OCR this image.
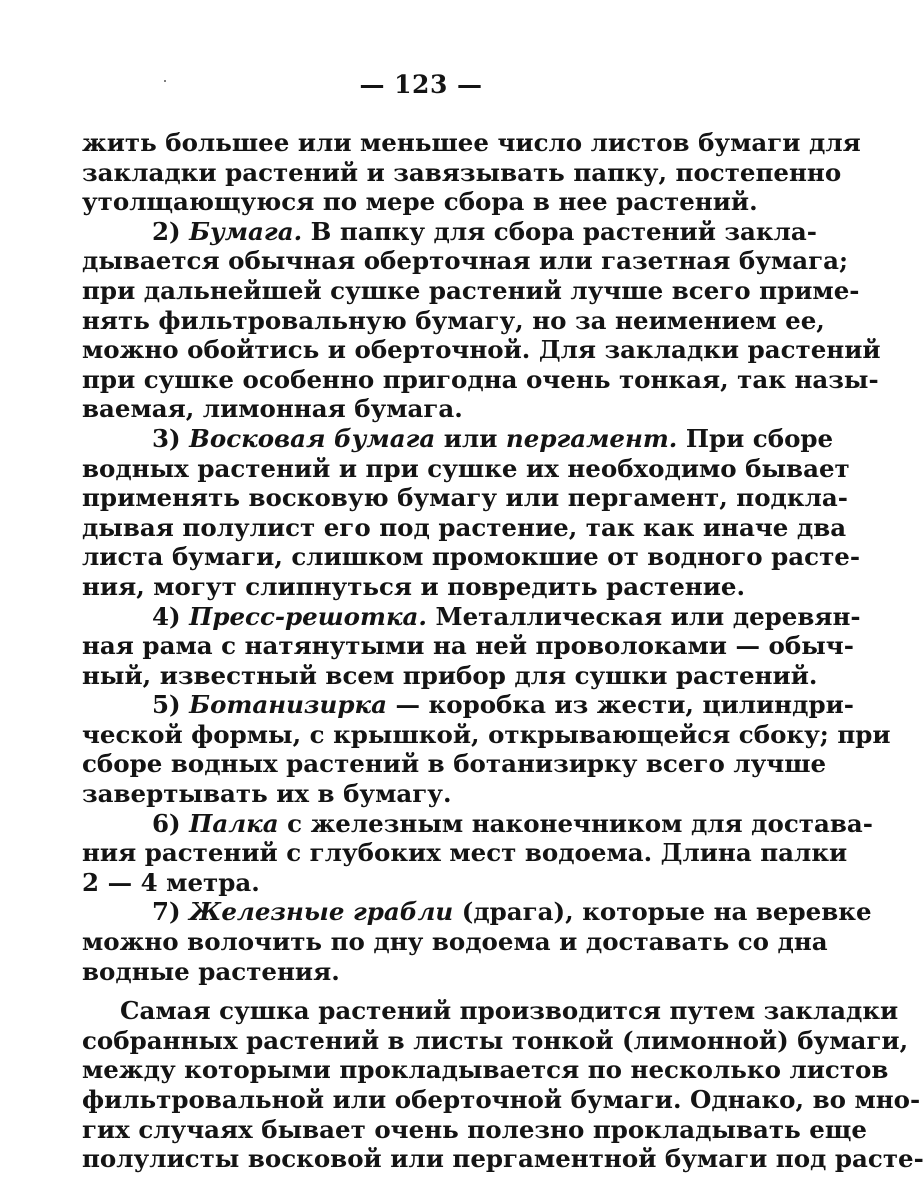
— 123 —
жить большее или меньшее число листов бумаги для
закладки растений и завязывать папку, постепенно
утолщающуюся по мере сбора в нее растений.
2) Бумага. В папку для сбора растений закла-
дывается обычная оберточная или газетная бумага;
при дальнейшей сушке растений лучше всего приме-
нять фильтровальную бумагу, но за неимением ее,
можно обойтись и оберточной. Для закладки растений
при сушке особенно пригодна очень тонкая, так назы-
ваемая, лимонная бумага.
3) Восковая бумага или пергамент. При сборе
водных растений и при сушке их необходимо бывает
применять восковую бумагу или пергамент, подкла-
дывая полулист его под растение, так как иначе два
листа бумаги, слишком промокшие от водного расте-
ния, могут слипнуться и повредить растение.
4) Пресс-решотка. Металлическая или деревян-
ная рама с натянутыми на ней проволоками — обыч-
ный, известный всем прибор для сушки растений.
5) Ботанизирка — коробка из жести, цилиндри-
ческой формы, с крышкой, открывающейся сбоку; при
сборе водных растений в ботанизирку всего лучше
завертывать их в бумагу.
6) Палка с железным наконечником для достава-
ния растений с глубоких мест водоема. Длина палки
2 — 4 метра.
7) Железные грабли (драга), которые на веревке
можно волочить по дну водоема и доставать со дна
водные растения.
Самая сушка растений производится путем закладки
собранных растений в листы тонкой (лимонной) бумаги,
между которыми прокладывается по несколько листов
фильтровальной или оберточной бумаги. Однако, во мно-
гих случаях бывает очень полезно прокладывать еще
полулисты восковой или пергаментной бумаги под расте-
